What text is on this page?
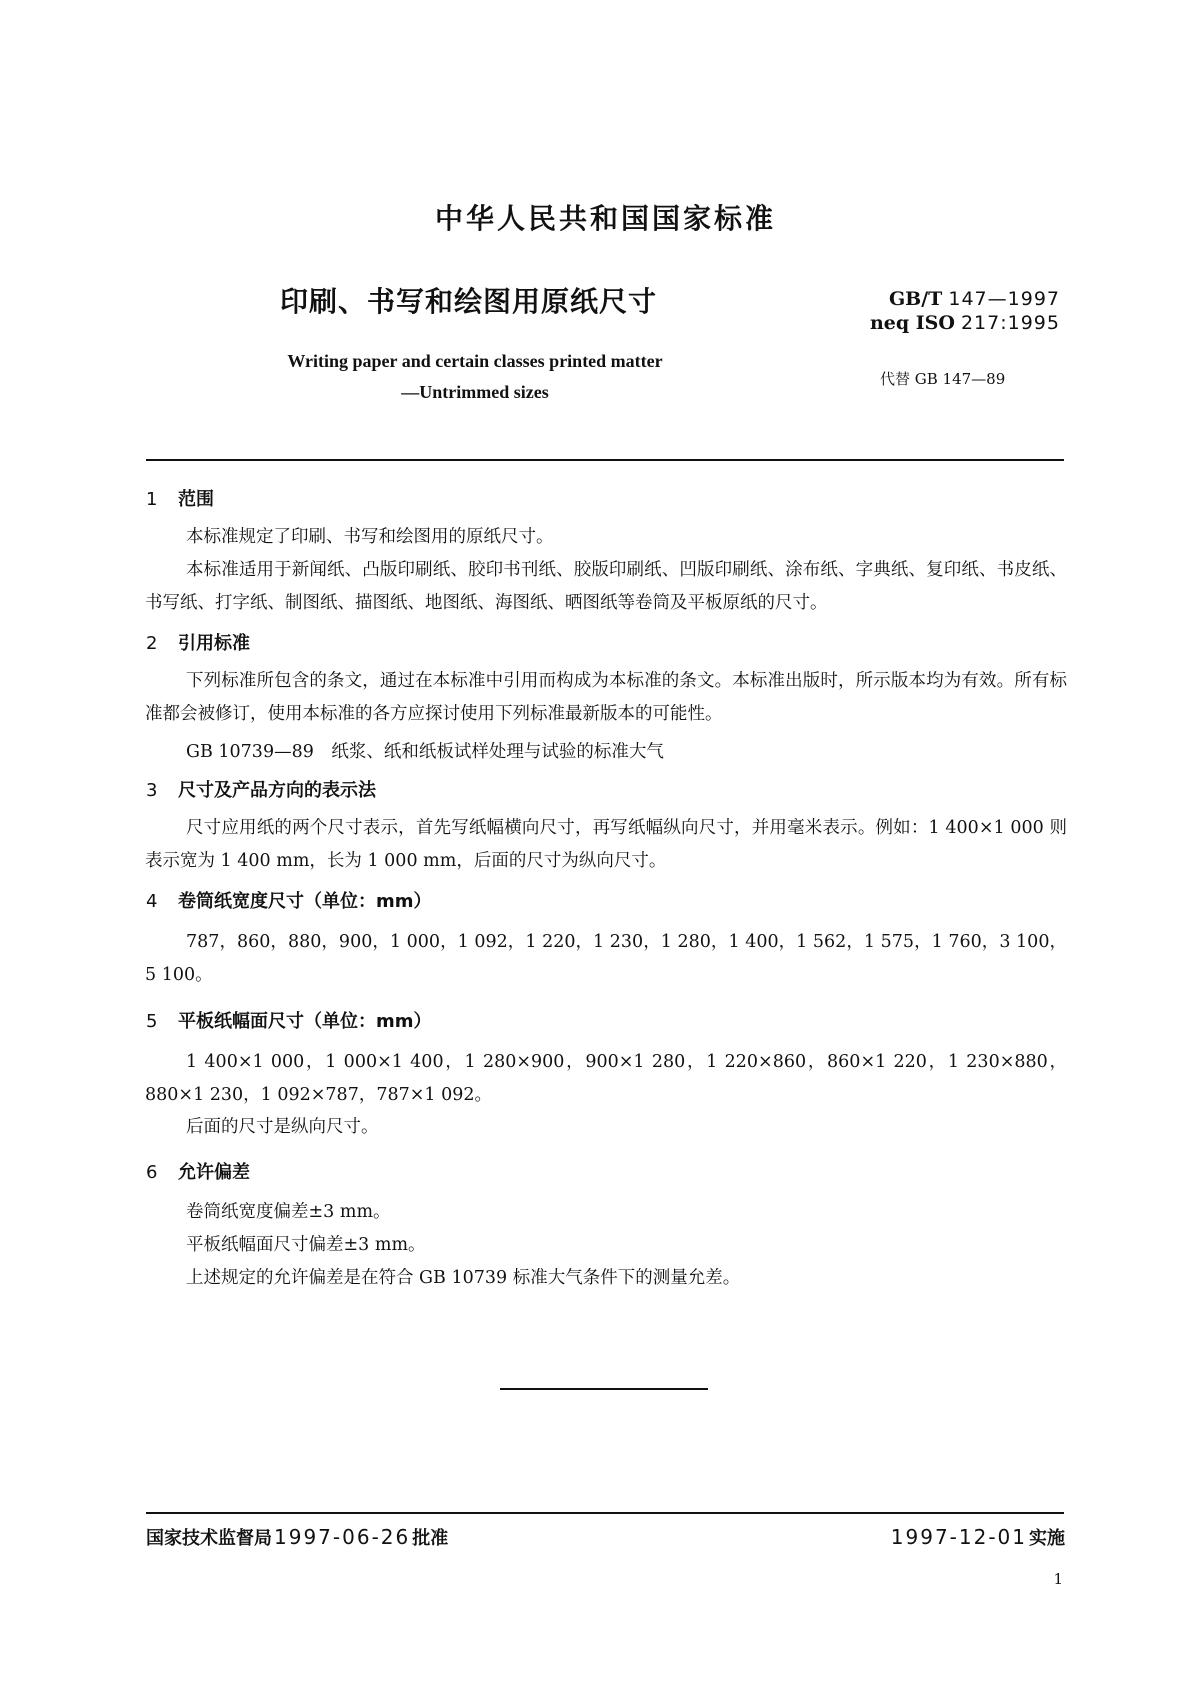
中华人民共和国国家标准
印刷、书写和绘图用原纸尺寸	GB/T 147—1997
neq ISO 217:1995
Writing paper and certain classes printed matter
—Untrimmed sizes
代替 GB 147—89
1 范围
本标准规定了印刷、书写和绘图用的原纸尺寸。
本标准适用于新闻纸、凸版印刷纸、胶印书刊纸、胶版印刷纸、凹版印刷纸、涂布纸、字典纸、复印纸、书皮纸、书写纸、打字纸、制图纸、描图纸、地图纸、海图纸、晒图纸等卷筒及平板原纸的尺寸。
2 引用标准
下列标准所包含的条文，通过在本标准中引用而构成为本标准的条文。本标准出版时，所示版本均为有效。所有标准都会被修订，使用本标准的各方应探讨使用下列标准最新版本的可能性。
GB 10739—89　纸浆、纸和纸板试样处理与试验的标准大气
3 尺寸及产品方向的表示法
尺寸应用纸的两个尺寸表示，首先写纸幅横向尺寸，再写纸幅纵向尺寸，并用毫米表示。例如：1 400×1 000 则表示宽为 1 400 mm，长为 1 000 mm，后面的尺寸为纵向尺寸。
4 卷筒纸宽度尺寸（单位：mm）
787，860，880，900，1 000，1 092，1 220，1 230，1 280，1 400，1 562，1 575，1 760，3 100，5 100。
5 平板纸幅面尺寸（单位：mm）
1 400×1 000，1 000×1 400，1 280×900，900×1 280，1 220×860，860×1 220，1 230×880，880×1 230，1 092×787，787×1 092。
后面的尺寸是纵向尺寸。
6 允许偏差
卷筒纸宽度偏差±3 mm。
平板纸幅面尺寸偏差±3 mm。
上述规定的允许偏差是在符合 GB 10739 标准大气条件下的测量允差。
国家技术监督局 1997-06-26 批准	1997-12-01 实施
1
